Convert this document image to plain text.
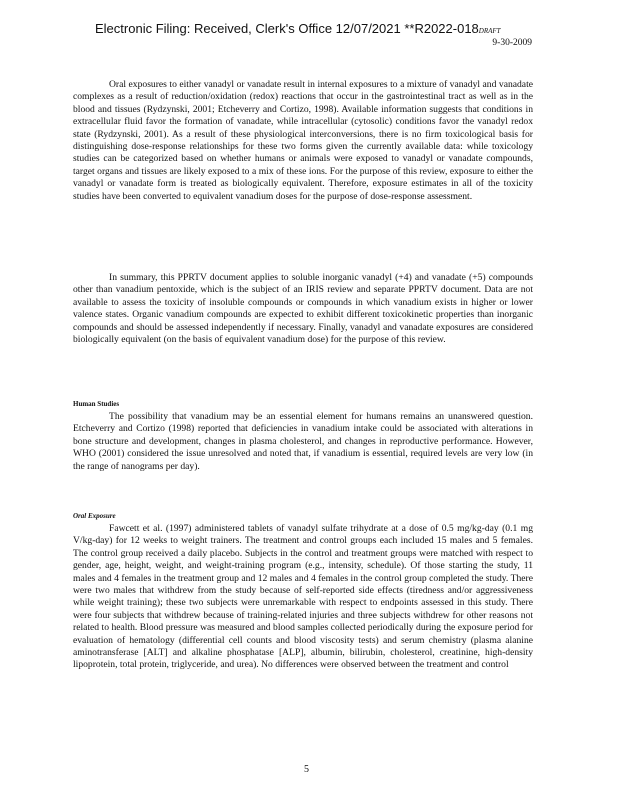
Electronic Filing: Received, Clerk's Office 12/07/2021 **R2022-018DRAFT
9-30-2009

Oral exposures to either vanadyl or vanadate result in internal exposures to a mixture of vanadyl and vanadate complexes as a result of reduction/oxidation (redox) reactions that occur in the gastrointestinal tract as well as in the blood and tissues (Rydzynski, 2001; Etcheverry and Cortizo, 1998). Available information suggests that conditions in extracellular fluid favor the formation of vanadate, while intracellular (cytosolic) conditions favor the vanadyl redox state (Rydzynski, 2001). As a result of these physiological interconversions, there is no firm toxicological basis for distinguishing dose-response relationships for these two forms given the currently available data: while toxicology studies can be categorized based on whether humans or animals were exposed to vanadyl or vanadate compounds, target organs and tissues are likely exposed to a mix of these ions. For the purpose of this review, exposure to either the vanadyl or vanadate form is treated as biologically equivalent. Therefore, exposure estimates in all of the toxicity studies have been converted to equivalent vanadium doses for the purpose of dose-response assessment.

In summary, this PPRTV document applies to soluble inorganic vanadyl (+4) and vanadate (+5) compounds other than vanadium pentoxide, which is the subject of an IRIS review and separate PPRTV document. Data are not available to assess the toxicity of insoluble compounds or compounds in which vanadium exists in higher or lower valence states. Organic vanadium compounds are expected to exhibit different toxicokinetic properties than inorganic compounds and should be assessed independently if necessary. Finally, vanadyl and vanadate exposures are considered biologically equivalent (on the basis of equivalent vanadium dose) for the purpose of this review.

Human Studies

The possibility that vanadium may be an essential element for humans remains an unanswered question. Etcheverry and Cortizo (1998) reported that deficiencies in vanadium intake could be associated with alterations in bone structure and development, changes in plasma cholesterol, and changes in reproductive performance. However, WHO (2001) considered the issue unresolved and noted that, if vanadium is essential, required levels are very low (in the range of nanograms per day).

Oral Exposure

Fawcett et al. (1997) administered tablets of vanadyl sulfate trihydrate at a dose of 0.5 mg/kg-day (0.1 mg V/kg-day) for 12 weeks to weight trainers. The treatment and control groups each included 15 males and 5 females. The control group received a daily placebo. Subjects in the control and treatment groups were matched with respect to gender, age, height, weight, and weight-training program (e.g., intensity, schedule). Of those starting the study, 11 males and 4 females in the treatment group and 12 males and 4 females in the control group completed the study. There were two males that withdrew from the study because of self-reported side effects (tiredness and/or aggressiveness while weight training); these two subjects were unremarkable with respect to endpoints assessed in this study. There were four subjects that withdrew because of training-related injuries and three subjects withdrew for other reasons not related to health. Blood pressure was measured and blood samples collected periodically during the exposure period for evaluation of hematology (differential cell counts and blood viscosity tests) and serum chemistry (plasma alanine aminotransferase [ALT] and alkaline phosphatase [ALP], albumin, bilirubin, cholesterol, creatinine, high-density lipoprotein, total protein, triglyceride, and urea). No differences were observed between the treatment and control

5
